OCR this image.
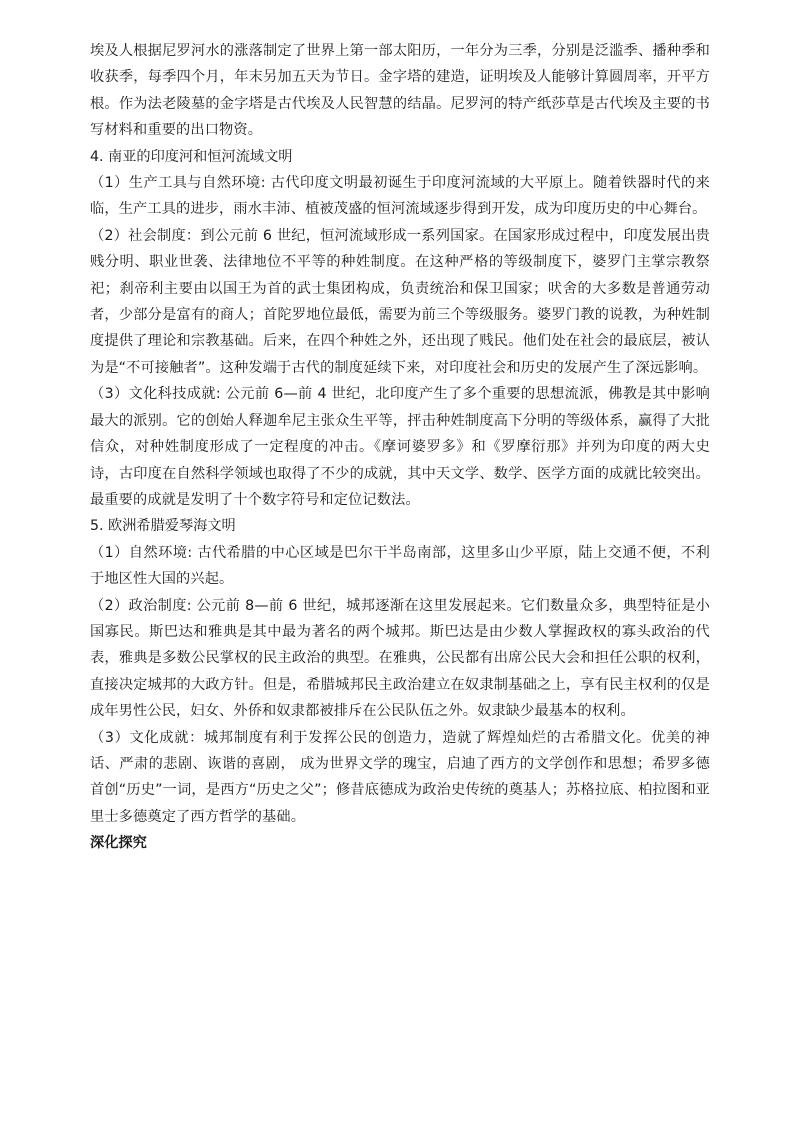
埃及人根据尼罗河水的涨落制定了世界上第一部太阳历，一年分为三季，分别是泛滥季、播种季和收获季，每季四个月，年末另加五天为节日。金字塔的建造，证明埃及人能够计算圆周率，开平方根。作为法老陵墓的金字塔是古代埃及人民智慧的结晶。尼罗河的特产纸莎草是古代埃及主要的书写材料和重要的出口物资。

4. 南亚的印度河和恒河流域文明

（1）生产工具与自然环境: 古代印度文明最初诞生于印度河流域的大平原上。随着铁器时代的来临，生产工具的进步，雨水丰沛、植被茂盛的恒河流域逐步得到开发，成为印度历史的中心舞台。

（2）社会制度：到公元前 6 世纪，恒河流域形成一系列国家。在国家形成过程中，印度发展出贵贱分明、职业世袭、法律地位不平等的种姓制度。在这种严格的等级制度下，婆罗门主掌宗教祭祀；刹帝利主要由以国王为首的武士集团构成，负责统治和保卫国家；吠舍的大多数是普通劳动者，少部分是富有的商人；首陀罗地位最低，需要为前三个等级服务。婆罗门教的说教，为种姓制度提供了理论和宗教基础。后来，在四个种姓之外，还出现了贱民。他们处在社会的最底层，被认为是“不可接触者”。这种发端于古代的制度延续下来，对印度社会和历史的发展产生了深远影响。

（3）文化科技成就: 公元前 6—前 4 世纪，北印度产生了多个重要的思想流派，佛教是其中影响最大的派别。它的创始人释迦牟尼主张众生平等，抨击种姓制度高下分明的等级体系，赢得了大批信众，对种姓制度形成了一定程度的冲击。《摩诃婆罗多》和《罗摩衍那》并列为印度的两大史诗，古印度在自然科学领域也取得了不少的成就，其中天文学、数学、医学方面的成就比较突出。最重要的成就是发明了十个数字符号和定位记数法。

5. 欧洲希腊爱琴海文明

（1）自然环境: 古代希腊的中心区域是巴尔干半岛南部，这里多山少平原，陆上交通不便，不利于地区性大国的兴起。

（2）政治制度: 公元前 8—前 6 世纪，城邦逐渐在这里发展起来。它们数量众多，典型特征是小国寡民。斯巴达和雅典是其中最为著名的两个城邦。斯巴达是由少数人掌握政权的寡头政治的代表，雅典是多数公民掌权的民主政治的典型。在雅典，公民都有出席公民大会和担任公职的权利，直接决定城邦的大政方针。但是，希腊城邦民主政治建立在奴隶制基础之上，享有民主权利的仅是成年男性公民，妇女、外侨和奴隶都被排斥在公民队伍之外。奴隶缺少最基本的权利。

（3）文化成就：城邦制度有利于发挥公民的创造力，造就了辉煌灿烂的古希腊文化。优美的神话、严肃的悲剧、诙谐的喜剧， 成为世界文学的瑰宝，启迪了西方的文学创作和思想；希罗多德首创“历史”一词，是西方“历史之父”；修昔底德成为政治史传统的奠基人；苏格拉底、柏拉图和亚里士多德奠定了西方哲学的基础。

深化探究
